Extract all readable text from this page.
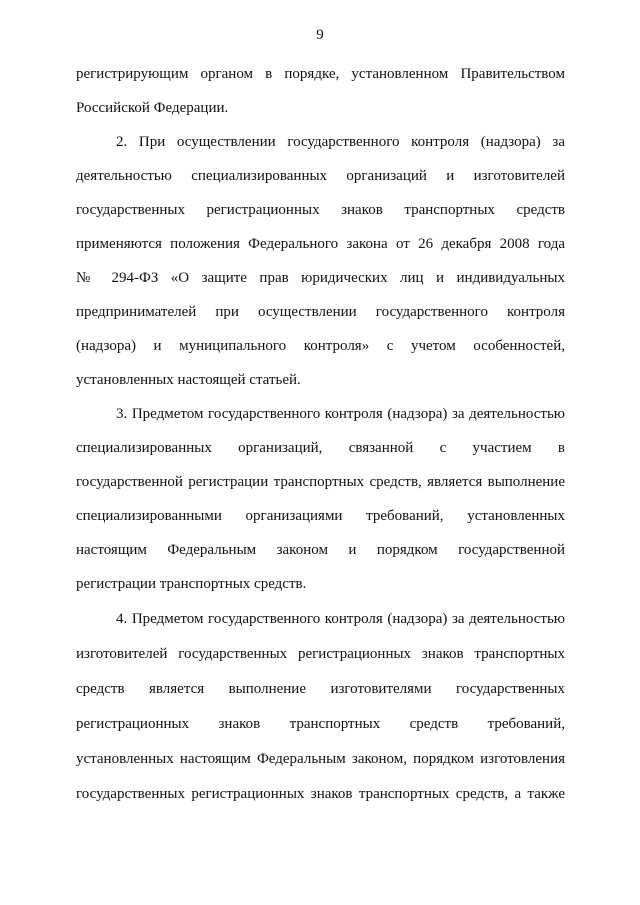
9
регистрирующим органом в порядке, установленном Правительством
Российской Федерации.
2. При осуществлении государственного контроля (надзора) за
деятельностью специализированных организаций и изготовителей
государственных регистрационных знаков транспортных средств
применяются положения Федерального закона от 26 декабря 2008 года
№ 294-ФЗ «О защите прав юридических лиц и индивидуальных
предпринимателей при осуществлении государственного контроля
(надзора) и муниципального контроля» с учетом особенностей,
установленных настоящей статьей.
3. Предметом государственного контроля (надзора) за деятельностью
специализированных организаций, связанной с участием в
государственной регистрации транспортных средств, является выполнение
специализированными организациями требований, установленных
настоящим Федеральным законом и порядком государственной
регистрации транспортных средств.
4. Предметом государственного контроля (надзора) за деятельностью
изготовителей государственных регистрационных знаков транспортных
средств является выполнение изготовителями государственных
регистрационных знаков транспортных средств требований,
установленных настоящим Федеральным законом, порядком изготовления
государственных регистрационных знаков транспортных средств, а также
